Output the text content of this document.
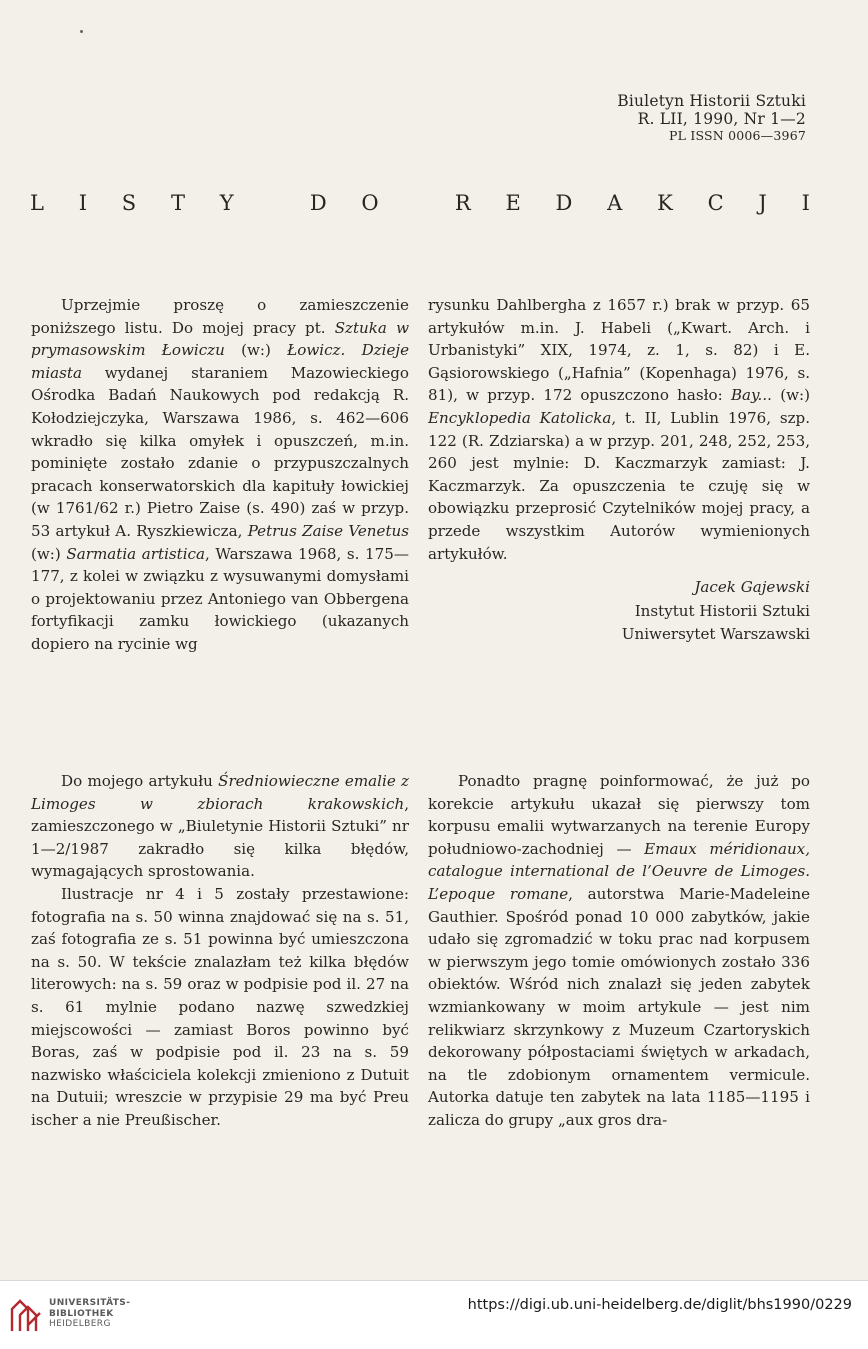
Biuletyn Historii Sztuki
R. LII, 1990, Nr 1—2
PL ISSN 0006—3967
L I S T Y
	D O
	R E D A K C J I

Uprzejmie proszę o zamieszczenie poniższego listu. Do mojej pracy pt. Sztuka w prymasowskim Łowiczu (w:) Łowicz. Dzieje miasta wydanej staraniem Mazowieckiego Ośrodka Badań Naukowych pod redakcją R. Kołodziejczyka, Warszawa 1986, s. 462—606 wkradło się kilka omyłek i opuszczeń, m.in. pominięte zostało zdanie o przypuszczalnych pracach konserwatorskich dla kapituły łowickiej (w 1761/62 r.) Pietro Zaise (s. 490) zaś w przyp. 53 artykuł A. Ryszkiewicza, Petrus Zaise Venetus (w:) Sarmatia artistica, Warszawa 1968, s. 175—177, z kolei w związku z wysuwanymi domysłami o projektowaniu przez Antoniego van Obbergena fortyfikacji zamku łowickiego (ukazanych dopiero na rycinie wg

rysunku Dahlbergha z 1657 r.) brak w przyp. 65 artykułów m.in. J. Habeli („Kwart. Arch. i Urbanistyki” XIX, 1974, z. 1, s. 82) i E. Gąsiorowskiego („Hafnia” (Kopenhaga) 1976, s. 81), w przyp. 172 opuszczono hasło: Bay... (w:) Encyklopedia Katolicka, t. II, Lublin 1976, szp. 122 (R. Zdziarska) a w przyp. 201, 248, 252, 253, 260 jest mylnie: D. Kaczmarzyk zamiast: J. Kaczmarzyk. Za opuszczenia te czuję się w obowiązku przeprosić Czytelników mojej pracy, a przede wszystkim Autorów wymienionych artykułów.

Jacek Gajewski
Instytut Historii Sztuki
Uniwersytet Warszawski

Do mojego artykułu Średniowieczne emalie z Limoges w zbiorach krakowskich, zamieszczonego w „Biuletynie Historii Sztuki” nr 1—2/1987 zakradło się kilka błędów, wymagających sprostowania.

Ilustracje nr 4 i 5 zostały przestawione: fotografia na s. 50 winna znajdować się na s. 51, zaś fotografia ze s. 51 powinna być umieszczona na s. 50. W tekście znalazłam też kilka błędów literowych: na s. 59 oraz w podpisie pod il. 27 na s. 61 mylnie podano nazwę szwedzkiej miejscowości — zamiast Boros powinno być Boras, zaś w podpisie pod il. 23 na s. 59 nazwisko właściciela kolekcji zmieniono z Dutuit na Dutuii; wreszcie w przypisie 29 ma być Preu ischer a nie Preußischer.

Ponadto pragnę poinformować, że już po korekcie artykułu ukazał się pierwszy tom korpusu emalii wytwarzanych na terenie Europy południowo-zachodniej — Emaux méridionaux, catalogue international de l’Oeuvre de Limoges. L’epoque romane, autorstwa Marie-Madeleine Gauthier. Spośród ponad 10 000 zabytków, jakie udało się zgromadzić w toku prac nad korpusem w pierwszym jego tomie omówionych zostało 336 obiektów. Wśród nich znalazł się jeden zabytek wzmiankowany w moim artykule — jest nim relikwiarz skrzynkowy z Muzeum Czartoryskich dekorowany półpostaciami świętych w arkadach, na tle zdobionym ornamentem vermicule. Autorka datuje ten zabytek na lata 1185—1195 i zalicza do grupy „aux gros dra-

UNIVERSITÄTS-
BIBLIOTHEK
HEIDELBERG
https://digi.ub.uni-heidelberg.de/diglit/bhs1990/0229
